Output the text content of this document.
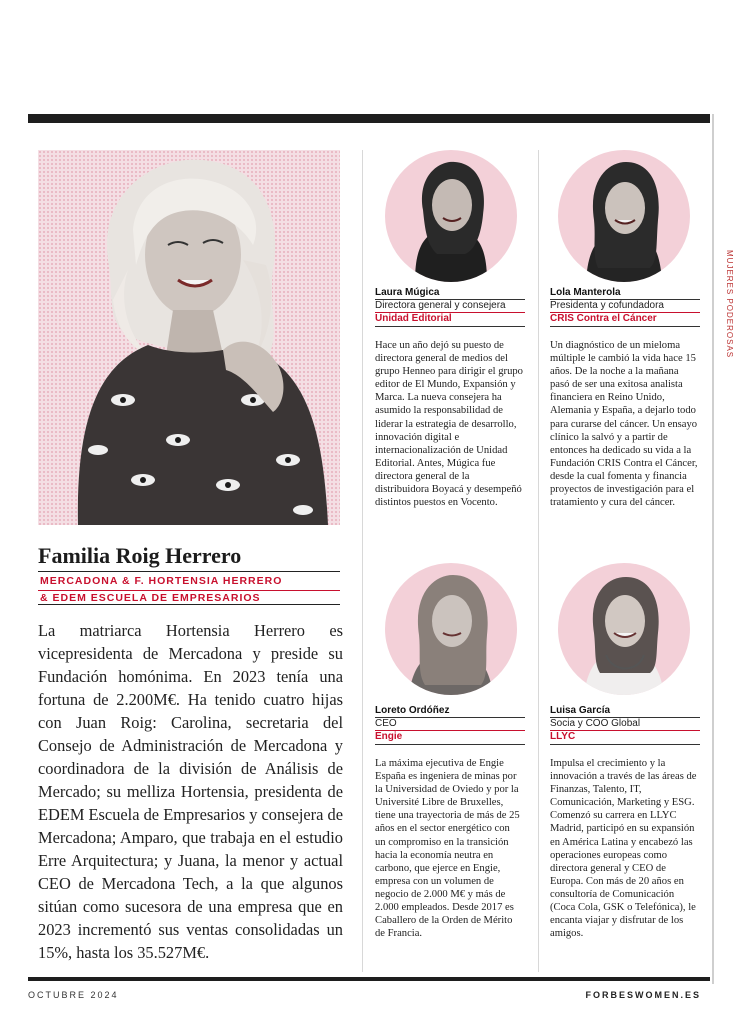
MUJERES PODEROSAS
OCTUBRE 2024	FORBESWOMEN.ES
Familia Roig Herrero
MERCADONA & F. HORTENSIA HERRERO
& EDEM ESCUELA DE EMPRESARIOS
La matriarca Hortensia Herrero es vicepresidenta de Mercadona y preside su Fundación homónima. En 2023 tenía una fortuna de 2.200M€. Ha tenido cuatro hijas con Juan Roig: Carolina, secretaria del Consejo de Administración de Mercadona y coordinadora de la división de Análisis de Mercado; su melliza Hortensia, presidenta de EDEM Escuela de Empresarios y consejera de Mercadona; Amparo, que trabaja en el estudio Erre Arquitectura; y Juana, la menor y actual CEO de Mercadona Tech, a la que algunos sitúan como sucesora de una empresa que en 2023 incrementó sus ventas consolidadas un 15%, hasta los 35.527M€.
Laura Múgica
Directora general y consejera
Unidad Editorial
Hace un año dejó su puesto de directora general de medios del grupo Henneo para dirigir el grupo editor de El Mundo, Expansión y Marca. La nueva consejera ha asumido la responsabilidad de liderar la estrategia de desarrollo, innovación digital e internacionalización de Unidad Editorial. Antes, Múgica fue directora general de la distribuidora Boyacá y desempeñó distintos puestos en Vocento.
Lola Manterola
Presidenta y cofundadora
CRIS Contra el Cáncer
Un diagnóstico de un mieloma múltiple le cambió la vida hace 15 años. De la noche a la mañana pasó de ser una exitosa analista financiera en Reino Unido, Alemania y España, a dejarlo todo para curarse del cáncer. Un ensayo clínico la salvó y a partir de entonces ha dedicado su vida a la Fundación CRIS Contra el Cáncer, desde la cual fomenta y financia proyectos de investigación para el tratamiento y cura del cáncer.
Loreto Ordóñez
CEO
Engie
La máxima ejecutiva de Engie España es ingeniera de minas por la Universidad de Oviedo y por la Université Libre de Bruxelles, tiene una trayectoria de más de 25 años en el sector energético con un compromiso en la transición hacia la economía neutra en carbono, que ejerce en Engie, empresa con un volumen de negocio de 2.000 M€ y más de 2.000 empleados. Desde 2017 es Caballero de la Orden de Mérito de Francia.
Luisa García
Socia y COO Global
LLYC
Impulsa el crecimiento y la innovación a través de las áreas de Finanzas, Talento, IT, Comunicación, Marketing y ESG. Comenzó su carrera en LLYC Madrid, participó en su expansión en América Latina y encabezó las operaciones europeas como directora general y CEO de Europa. Con más de 20 años en consultoría de Comunicación (Coca Cola, GSK o Telefónica), le encanta viajar y disfrutar de los amigos.
